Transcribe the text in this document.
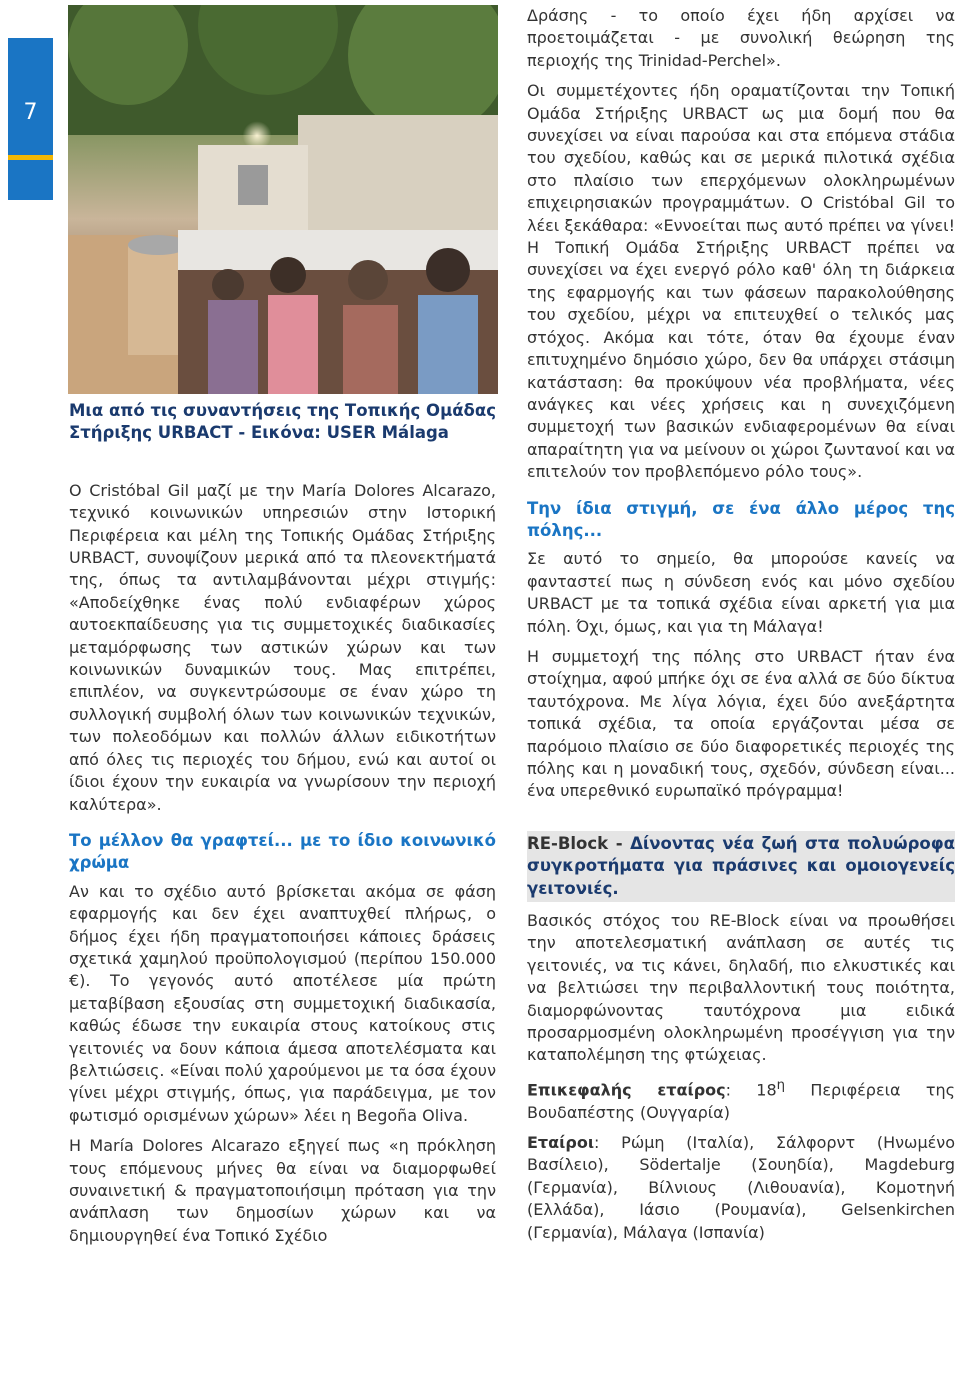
7

Μια από τις συναντήσεις της Τοπικής Ομάδας Στήριξης URBACT - Εικόνα: USER Málaga

O Cristóbal Gil μαζί με την María Dolores Alcarazo, τεχνικό κοινωνικών υπηρεσιών στην Ιστορική Περιφέρεια και μέλη της Τοπικής Ομάδας Στήριξης URBACT, συνοψίζουν μερικά από τα πλεονεκτήματά της, όπως τα αντιλαμβάνονται μέχρι στιγμής: «Αποδείχθηκε ένας πολύ ενδιαφέρων χώρος αυτοεκπαίδευσης για τις συμμετοχικές διαδικασίες μεταμόρφωσης των αστικών χώρων και των κοινωνικών δυναμικών τους. Μας επιτρέπει, επιπλέον, να συγκεντρώσουμε σε έναν χώρο τη συλλογική συμβολή όλων των κοινωνικών τεχνικών, των πολεοδόμων και πολλών άλλων ειδικοτήτων από όλες τις περιοχές του δήμου, ενώ και αυτοί οι ίδιοι έχουν την ευκαιρία να γνωρίσουν την περιοχή καλύτερα».

Το μέλλον θα γραφτεί... με το ίδιο κοινωνικό χρώμα

Αν και το σχέδιο αυτό βρίσκεται ακόμα σε φάση εφαρμογής και δεν έχει αναπτυχθεί πλήρως, ο δήμος έχει ήδη πραγματοποιήσει κάποιες δράσεις σχετικά χαμηλού προϋπολογισμού (περίπου 150.000 €). Το γεγονός αυτό αποτέλεσε μία πρώτη μεταβίβαση εξουσίας στη συμμετοχική διαδικασία, καθώς έδωσε την ευκαιρία στους κατοίκους στις γειτονιές να δουν κάποια άμεσα αποτελέσματα και βελτιώσεις. «Είναι πολύ χαρούμενοι με τα όσα έχουν γίνει μέχρι στιγμής, όπως, για παράδειγμα, με τον φωτισμό ορισμένων χώρων» λέει η Begoña Oliva.

Η María Dolores Alcarazo εξηγεί πως «η πρόκληση τους επόμενους μήνες θα είναι να διαμορφωθεί συναινετική & πραγματοποιήσιμη πρόταση για την ανάπλαση των δημοσίων χώρων και να δημιουργηθεί ένα Τοπικό Σχέδιο

Δράσης - το οποίο έχει ήδη αρχίσει να προετοιμάζεται - με συνολική θεώρηση της περιοχής της Trinidad-Perchel».

Οι συμμετέχοντες ήδη οραματίζονται την Τοπική Ομάδα Στήριξης URBACT ως μια δομή που θα συνεχίσει να είναι παρούσα και στα επόμενα στάδια του σχεδίου, καθώς και σε μερικά πιλοτικά σχέδια στο πλαίσιο των επερχόμενων ολοκληρωμένων επιχειρησιακών προγραμμάτων. Ο Cristóbal Gil το λέει ξεκάθαρα: «Εννοείται πως αυτό πρέπει να γίνει! Η Τοπική Ομάδα Στήριξης URBACT πρέπει να συνεχίσει να έχει ενεργό ρόλο καθ' όλη τη διάρκεια της εφαρμογής και των φάσεων παρακολούθησης του σχεδίου, μέχρι να επιτευχθεί ο τελικός μας στόχος. Ακόμα και τότε, όταν θα έχουμε έναν επιτυχημένο δημόσιο χώρο, δεν θα υπάρχει στάσιμη κατάσταση: θα προκύψουν νέα προβλήματα, νέες ανάγκες και νέες χρήσεις και η συνεχιζόμενη συμμετοχή των βασικών ενδιαφερομένων θα είναι απαραίτητη για να μείνουν οι χώροι ζωντανοί και να επιτελούν τον προβλεπόμενο ρόλο τους».

Την ίδια στιγμή, σε ένα άλλο μέρος της πόλης...

Σε αυτό το σημείο, θα μπορούσε κανείς να φανταστεί πως η σύνδεση ενός και μόνο σχεδίου URBACT με τα τοπικά σχέδια είναι αρκετή για μια πόλη. Όχι, όμως, και για τη Μάλαγα!

Η συμμετοχή της πόλης στο URBACT ήταν ένα στοίχημα, αφού μπήκε όχι σε ένα αλλά σε δύο δίκτυα ταυτόχρονα. Με λίγα λόγια, έχει δύο ανεξάρτητα τοπικά σχέδια, τα οποία εργάζονται μέσα σε παρόμοιο πλαίσιο σε δύο διαφορετικές περιοχές της πόλης και η μοναδική τους, σχεδόν, σύνδεση είναι... ένα υπερεθνικό ευρωπαϊκό πρόγραμμα!

RE-Block - Δίνοντας νέα ζωή στα πολυώροφα συγκροτήματα για πράσινες και ομοιογενείς γειτονιές.

Βασικός στόχος του RE-Block είναι να προωθήσει την αποτελεσματική ανάπλαση σε αυτές τις γειτονιές, να τις κάνει, δηλαδή, πιο ελκυστικές και να βελτιώσει την περιβαλλοντική τους ποιότητα, διαμορφώνοντας ταυτόχρονα μια ειδικά προσαρμοσμένη ολοκληρωμένη προσέγγιση για την καταπολέμηση της φτώχειας.

Επικεφαλής εταίρος: $18^\eta$ Περιφέρεια της Βουδαπέστης (Ουγγαρία)

Εταίροι: Ρώμη (Ιταλία), Σάλφορντ (Ηνωμένο Βασίλειο), Södertalje (Σουηδία), Magdeburg (Γερμανία), Βίλνιους (Λιθουανία), Κομοτηνή (Ελλάδα), Ιάσιο (Ρουμανία), Gelsenkirchen (Γερμανία), Μάλαγα (Ισπανία)
